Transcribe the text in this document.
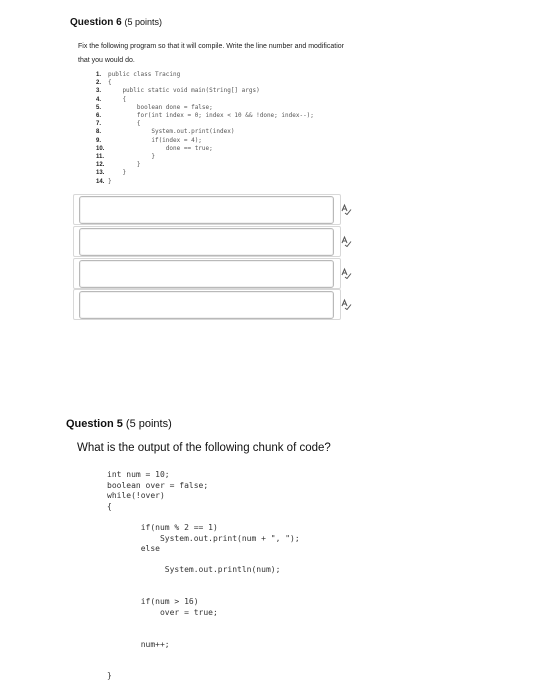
Question 6 (5 points)
Fix the following program so that it will compile. Write the line number and modificatior
that you would do.
1. public class Tracing
2. {
3.    public static void main(String[] args)
4.    {
5.        boolean done = false;
6.        for(int index = 0; index < 10 && !done; index--);
7.        {
8.            System.out.print(index)
9.            if(index = 4);
10.                done == true;
11.            }
12.        }
13.    }
14. }
Question 5 (5 points)
What is the output of the following chunk of code?
int num = 10;
boolean over = false;
while(!over)
{

if(num % 2 == 1)
System.out.print(num + ", ");
else

System.out.println(num);

if(num > 16)
over = true;

num++;

}
